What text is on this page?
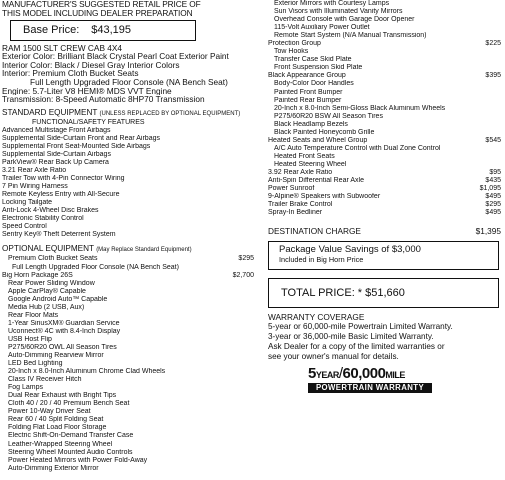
MANUFACTURER'S SUGGESTED RETAIL PRICE OF
THIS MODEL INCLUDING DEALER PREPARATION
Base Price: $43,195
RAM 1500 SLT CREW CAB 4X4
Exterior Color: Brilliant Black Crystal Pearl Coat Exterior Paint
Interior Color: Black / Diesel Gray Interior Colors
Interior: Premium Cloth Bucket Seats
Full Length Upgraded Floor Console (NA Bench Seat)
Engine: 5.7-Liter V8 HEMI® MDS VVT Engine
Transmission: 8-Speed Automatic 8HP70 Transmission
STANDARD EQUIPMENT (UNLESS REPLACED BY OPTIONAL EQUIPMENT)
FUNCTIONAL/SAFETY FEATURES
Advanced Multistage Front Airbags
Supplemental Side-Curtain Front and Rear Airbags
Supplemental Front Seat-Mounted Side Airbags
Supplemental Side-Curtain Airbags
ParkView® Rear Back Up Camera
3.21 Rear Axle Ratio
Trailer Tow with 4-Pin Connector Wiring
7 Pin Wiring Harness
Remote Keyless Entry with All-Secure
Locking Tailgate
Anti-Lock 4-Wheel Disc Brakes
Electronic Stability Control
Speed Control
Sentry Key® Theft Deterrent System
OPTIONAL EQUIPMENT (May Replace Standard Equipment)
Premium Cloth Bucket Seats	$295
Full Length Upgraded Floor Console (NA Bench Seat)
Big Horn Package 26S	$2,700
Rear Power Sliding Window
Apple CarPlay® Capable
Google Android Auto™ Capable
Media Hub (2 USB, Aux)
Rear Floor Mats
1-Year SiriusXM® Guardian Service
Uconnect® 4C with 8.4-Inch Display
USB Host Flip
P275/60R20 OWL All Season Tires
Auto-Dimming Rearview Mirror
LED Bed Lighting
20-Inch x 8.0-Inch Aluminum Chrome Clad Wheels
Class IV Receiver Hitch
Fog Lamps
Dual Rear Exhaust with Bright Tips
Cloth 40 / 20 / 40 Premium Bench Seat
Power 10-Way Driver Seat
Rear 60 / 40 Split Folding Seat
Folding Flat Load Floor Storage
Electric Shift-On-Demand Transfer Case
Leather-Wrapped Steering Wheel
Steering Wheel Mounted Audio Controls
Power Heated Mirrors with Power Fold-Away
Auto-Dimming Exterior Mirror
Exterior Mirrors with Courtesy Lamps
Sun Visors with Illuminated Vanity Mirrors
Overhead Console with Garage Door Opener
115-Volt Auxiliary Power Outlet
Remote Start System (N/A Manual Transmission)
Protection Group	$225
Tow Hooks
Transfer Case Skid Plate
Front Suspension Skid Plate
Black Appearance Group	$395
Body-Color Door Handles
Painted Front Bumper
Painted Rear Bumper
20-Inch x 8.0-Inch Semi-Gloss Black Aluminum Wheels
P275/60R20 BSW All Season Tires
Black Headlamp Bezels
Black Painted Honeycomb Grille
Heated Seats and Wheel Group	$545
A/C Auto Temperature Control with Dual Zone Control
Heated Front Seats
Heated Steering Wheel
3.92 Rear Axle Ratio	$95
Anti-Spin Differential Rear Axle	$435
Power Sunroof	$1,095
9-Alpine® Speakers with Subwoofer	$495
Trailer Brake Control	$295
Spray-In Bedliner	$495
DESTINATION CHARGE	$1,395
Package Value Savings of $3,000
Included in Big Horn Price
TOTAL PRICE: * $51,660
WARRANTY COVERAGE
5-year or 60,000-mile Powertrain Limited Warranty.
3-year or 36,000-mile Basic Limited Warranty.
Ask Dealer for a copy of the limited warranties or
see your owner's manual for details.
5YEAR/60,000MILE
POWERTRAIN WARRANTY
